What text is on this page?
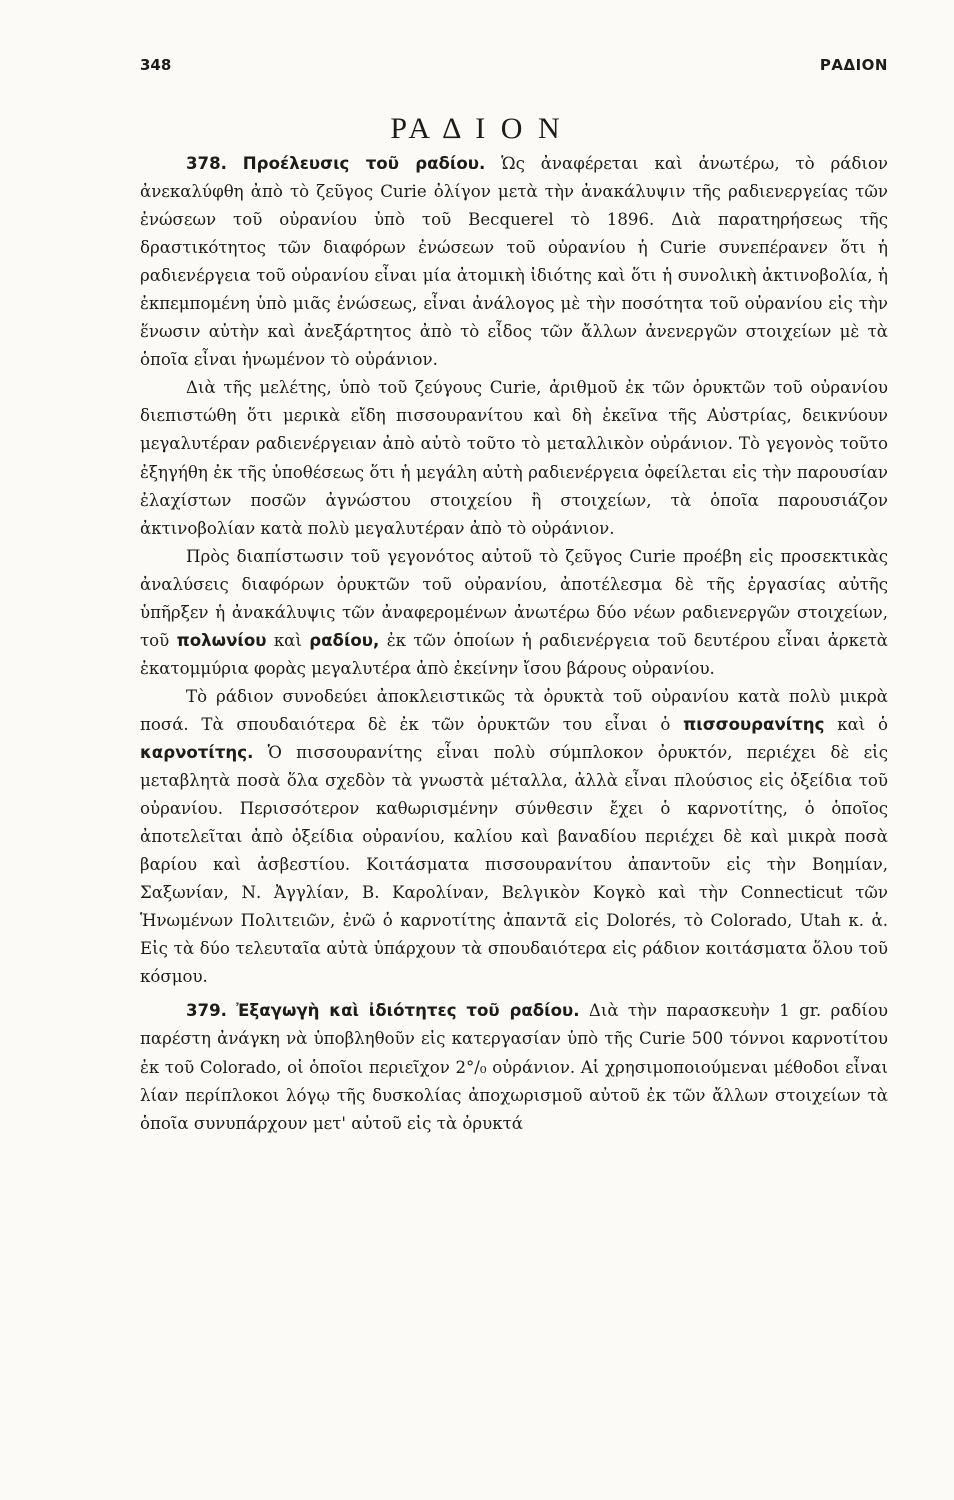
348	ΡΑΔΙΟΝ
ΡΑ Δ Ι Ο Ν

378. Προέλευσις τοῦ ραδίου. Ὡς ἀναφέρεται καὶ ἀνωτέρω, τὸ ράδιον ἀνεκαλύφθη ἀπὸ τὸ ζεῦγος Curie ὀλίγον μετὰ τὴν ἀνακάλυψιν τῆς ραδιενεργείας τῶν ἐνώσεων τοῦ οὐρανίου ὑπὸ τοῦ Becquerel τὸ 1896. Διὰ παρατηρήσεως τῆς δραστικότητος τῶν διαφόρων ἐνώσεων τοῦ οὐρανίου ἡ Curie συνεπέρανεν ὅτι ἡ ραδιενέργεια τοῦ οὐρανίου εἶναι μία ἀτομικὴ ἰδιότης καὶ ὅτι ἡ συνολικὴ ἀκτινοβολία, ἡ ἐκπεμπομένη ὑπὸ μιᾶς ἐνώσεως, εἶναι ἀνάλογος μὲ τὴν ποσότητα τοῦ οὐρανίου εἰς τὴν ἕνωσιν αὐτὴν καὶ ἀνεξάρτητος ἀπὸ τὸ εἶδος τῶν ἄλλων ἀνενεργῶν στοιχείων μὲ τὰ ὁποῖα εἶναι ἡνωμένον τὸ οὐράνιον.

Διὰ τῆς μελέτης, ὑπὸ τοῦ ζεύγους Curie, ἀριθμοῦ ἐκ τῶν ὀρυκτῶν τοῦ οὐρανίου διεπιστώθη ὅτι μερικὰ εἴδη πισσουρανίτου καὶ δὴ ἐκεῖνα τῆς Αὐστρίας, δεικνύουν μεγαλυτέραν ραδιενέργειαν ἀπὸ αὐτὸ τοῦτο τὸ μεταλλικὸν οὐράνιον. Τὸ γεγονὸς τοῦτο ἐξηγήθη ἐκ τῆς ὑποθέσεως ὅτι ἡ μεγάλη αὐτὴ ραδιενέργεια ὀφείλεται εἰς τὴν παρουσίαν ἐλαχίστων ποσῶν ἀγνώστου στοιχείου ἢ στοιχείων, τὰ ὁποῖα παρουσιάζον ἀκτινοβολίαν κατὰ πολὺ μεγαλυτέραν ἀπὸ τὸ οὐράνιον.

Πρὸς διαπίστωσιν τοῦ γεγονότος αὐτοῦ τὸ ζεῦγος Curie προέβη εἰς προσεκτικὰς ἀναλύσεις διαφόρων ὀρυκτῶν τοῦ οὐρανίου, ἀποτέλεσμα δὲ τῆς ἐργασίας αὐτῆς ὑπῆρξεν ἡ ἀνακάλυψις τῶν ἀναφερομένων ἀνωτέρω δύο νέων ραδιενεργῶν στοιχείων, τοῦ πολωνίου καὶ ραδίου, ἐκ τῶν ὁποίων ἡ ραδιενέργεια τοῦ δευτέρου εἶναι ἀρκετὰ ἑκατομμύρια φορὰς μεγαλυτέρα ἀπὸ ἐκείνην ἴσου βάρους οὐρανίου.

Τὸ ράδιον συνοδεύει ἀποκλειστικῶς τὰ ὀρυκτὰ τοῦ οὐρανίου κατὰ πολὺ μικρὰ ποσά. Τὰ σπουδαιότερα δὲ ἐκ τῶν ὀρυκτῶν του εἶναι ὁ πισσουρανίτης καὶ ὁ καρνοτίτης. Ὁ πισσουρανίτης εἶναι πολὺ σύμπλοκον ὀρυκτόν, περιέχει δὲ εἰς μεταβλητὰ ποσὰ ὅλα σχεδὸν τὰ γνωστὰ μέταλλα, ἀλλὰ εἶναι πλούσιος εἰς ὀξείδια τοῦ οὐρανίου. Περισσότερον καθωρισμένην σύνθεσιν ἔχει ὁ καρνοτίτης, ὁ ὁποῖος ἀποτελεῖται ἀπὸ ὀξείδια οὐρανίου, καλίου καὶ βαναδίου περιέχει δὲ καὶ μικρὰ ποσὰ βαρίου καὶ ἀσβεστίου. Κοιτάσματα πισσουρανίτου ἀπαντοῦν εἰς τὴν Βοημίαν, Σαξωνίαν, Ν. Ἀγγλίαν, Β. Καρολίναν, Βελγικὸν Κογκὸ καὶ τὴν Connecticut τῶν Ἡνωμένων Πολιτειῶν, ἐνῶ ὁ καρνοτίτης ἀπαντᾶ εἰς Dolorés, τὸ Colorado, Utah κ. ἀ. Εἰς τὰ δύο τελευταῖα αὐτὰ ὑπάρχουν τὰ σπουδαιότερα εἰς ράδιον κοιτάσματα ὅλου τοῦ κόσμου.

379. Ἐξαγωγὴ καὶ ἰδιότητες τοῦ ραδίου. Διὰ τὴν παρασκευὴν 1 gr. ραδίου παρέστη ἀνάγκη νὰ ὑποβληθοῦν εἰς κατεργασίαν ὑπὸ τῆς Curie 500 τόννοι καρνοτίτου ἐκ τοῦ Colorado, οἱ ὁποῖοι περιεῖχον 2°/₀ οὐράνιον. Αἱ χρησιμοποιούμεναι μέθοδοι εἶναι λίαν περίπλοκοι λόγῳ τῆς δυσκολίας ἀποχωρισμοῦ αὐτοῦ ἐκ τῶν ἄλλων στοιχείων τὰ ὁποῖα συνυπάρχουν μετ' αὐτοῦ εἰς τὰ ὀρυκτά
